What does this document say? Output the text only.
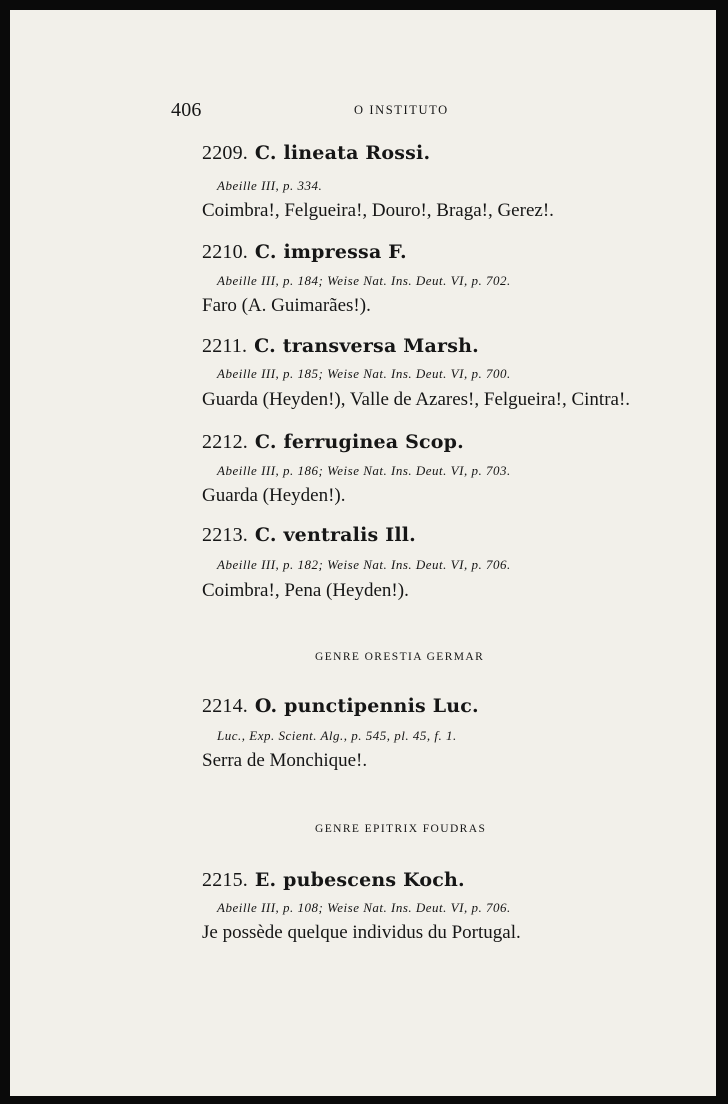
406	O INSTITUTO
2209. C. lineata Rossi.
Abeille III, p. 334.
Coimbra!, Felgueira!, Douro!, Braga!, Gerez!.
2210. C. impressa F.
Abeille III, p. 184; Weise Nat. Ins. Deut. VI, p. 702.
Faro (A. Guimarães!).
2211. C. transversa Marsh.
Abeille III, p. 185; Weise Nat. Ins. Deut. VI, p. 700.
Guarda (Heyden!), Valle de Azares!, Felgueira!, Cintra!.
2212. C. ferruginea Scop.
Abeille III, p. 186; Weise Nat. Ins. Deut. VI, p. 703.
Guarda (Heyden!).
2213. C. ventralis Ill.
Abeille III, p. 182; Weise Nat. Ins. Deut. VI, p. 706.
Coimbra!, Pena (Heyden!).
GENRE ORESTIA GERMAR
2214. O. punctipennis Luc.
Luc., Exp. Scient. Alg., p. 545, pl. 45, f. 1.
Serra de Monchique!.
GENRE EPITRIX FOUDRAS
2215. E. pubescens Koch.
Abeille III, p. 108; Weise Nat. Ins. Deut. VI, p. 706.
Je possède quelque individus du Portugal.
